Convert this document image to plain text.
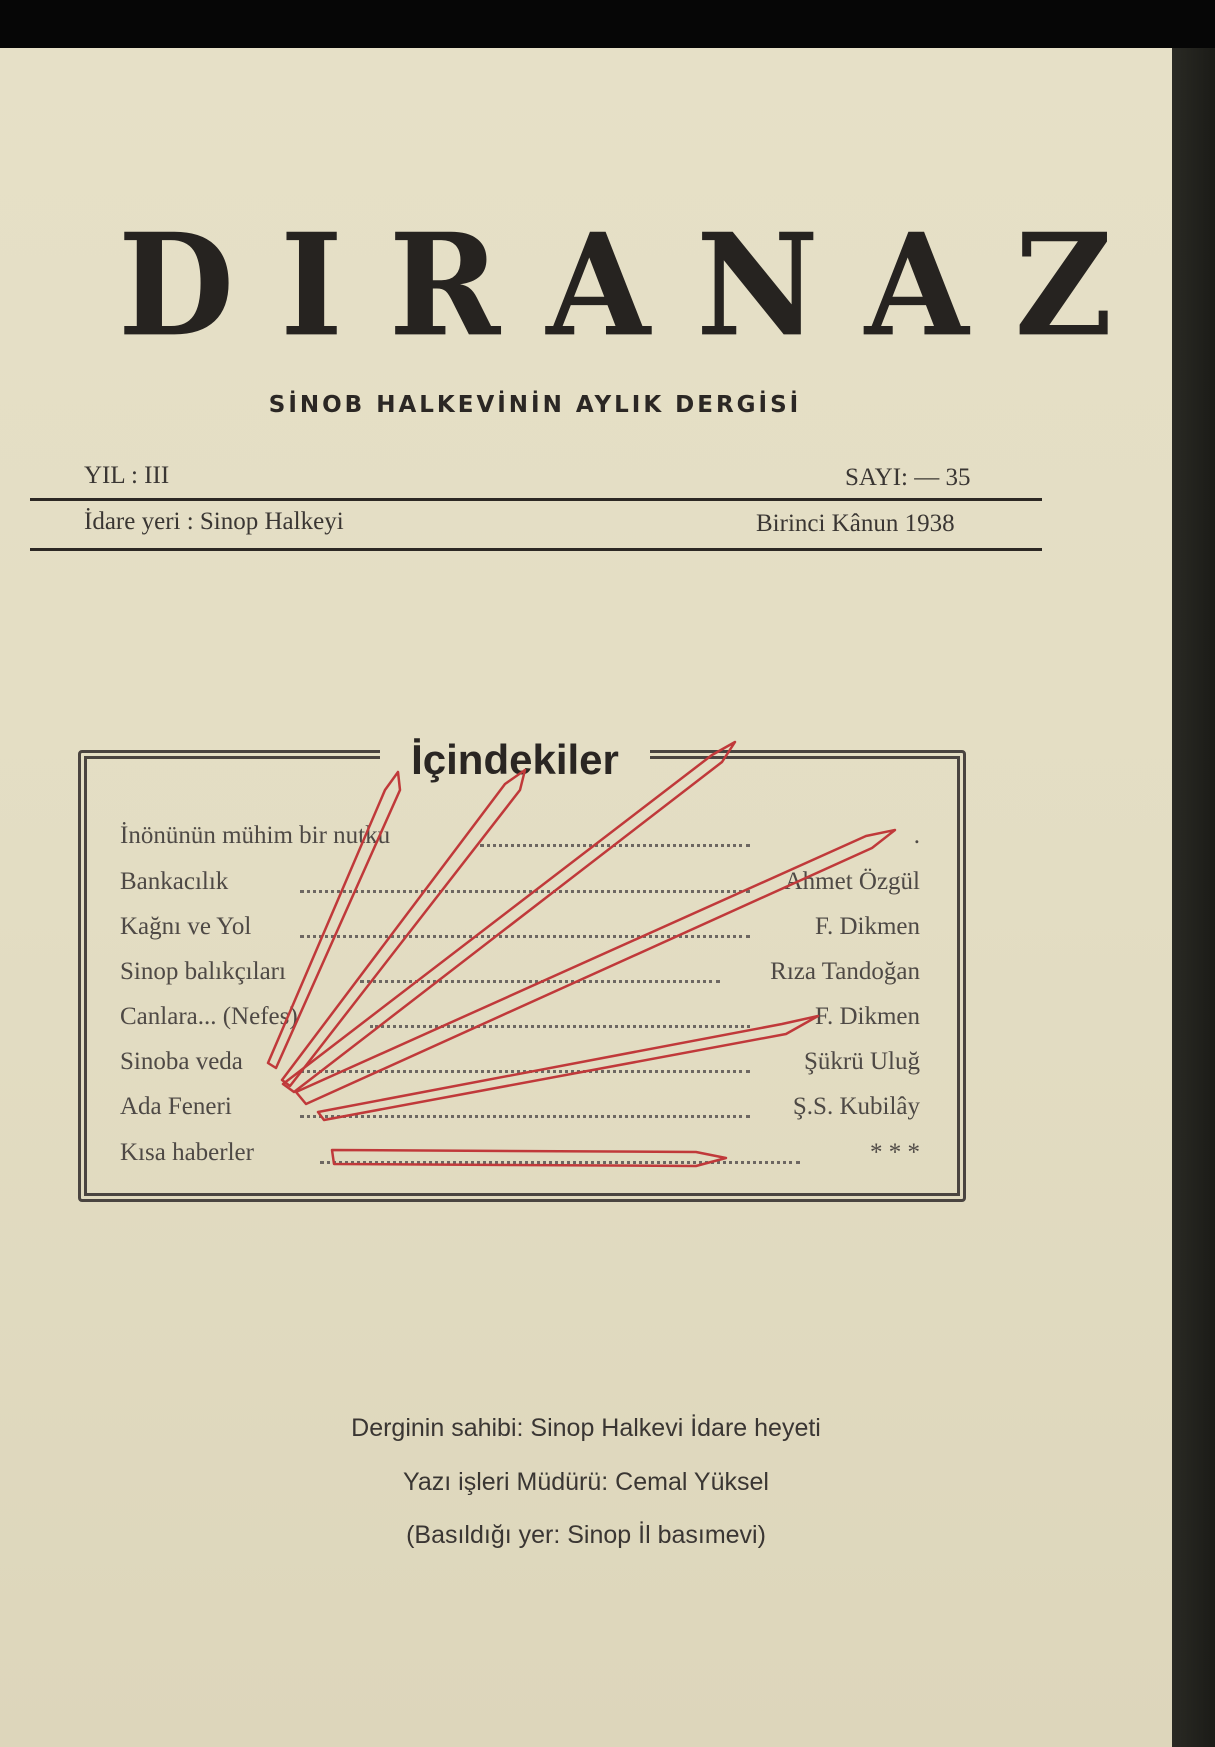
DIRANAZ
SİNOB HALKEVİNİN AYLIK DERGİSİ
YIL : III	SAYI: — 35
İdare yeri : Sinop Halkeyi	Birinci Kânun 1938
İçindekiler
İnönünün mühim bir nutku	.
Bankacılık	Ahmet Özgül
Kağnı ve Yol	F. Dikmen
Sinop balıkçıları	Rıza Tandoğan
Canlara... (Nefes)	F. Dikmen
Sinoba veda	Şükrü Uluğ
Ada Feneri	Ş.S. Kubilây
Kısa haberler	* * *
Derginin sahibi: Sinop Halkevi İdare heyeti
Yazı işleri Müdürü: Cemal Yüksel
(Basıldığı yer: Sinop İl basımevi)
